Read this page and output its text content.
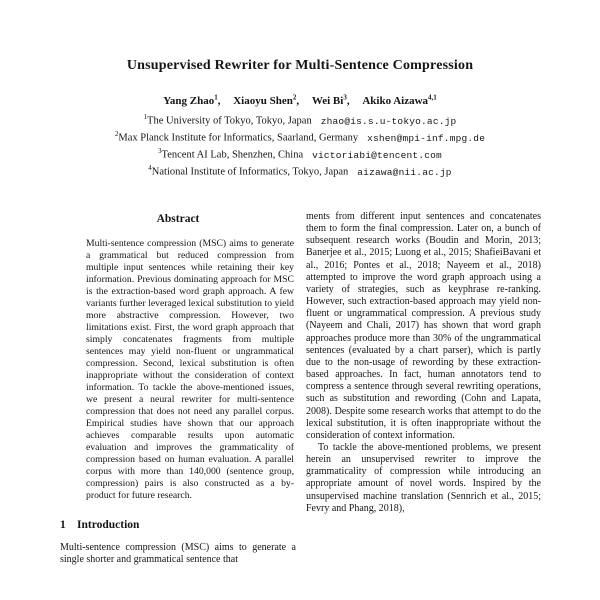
Unsupervised Rewriter for Multi-Sentence Compression
Yang Zhao$^1$, Xiaoyu Shen$^2$, Wei Bi$^3$, Akiko Aizawa$^{4,1}$
$^1$The University of Tokyo, Tokyo, Japan zhao@is.s.u-tokyo.ac.jp
$^2$Max Planck Institute for Informatics, Saarland, Germany xshen@mpi-inf.mpg.de
$^3$Tencent AI Lab, Shenzhen, China victoriabi@tencent.com
$^4$National Institute of Informatics, Tokyo, Japan aizawa@nii.ac.jp
Abstract

Multi-sentence compression (MSC) aims to generate a grammatical but reduced compression from multiple input sentences while retaining their key information. Previous dominating approach for MSC is the extraction-based word graph approach. A few variants further leveraged lexical substitution to yield more abstractive compression. However, two limitations exist. First, the word graph approach that simply concatenates fragments from multiple sentences may yield non-fluent or ungrammatical compression. Second, lexical substitution is often inappropriate without the consideration of context information. To tackle the above-mentioned issues, we present a neural rewriter for multi-sentence compression that does not need any parallel corpus. Empirical studies have shown that our approach achieves comparable results upon automatic evaluation and improves the grammaticality of compression based on human evaluation. A parallel corpus with more than 140,000 (sentence group, compression) pairs is also constructed as a by-product for future research.

1 Introduction

Multi-sentence compression (MSC) aims to generate a single shorter and grammatical sentence that

ments from different input sentences and concatenates them to form the final compression. Later on, a bunch of subsequent research works (Boudin and Morin, 2013; Banerjee et al., 2015; Luong et al., 2015; ShafieiBavani et al., 2016; Pontes et al., 2018; Nayeem et al., 2018) attempted to improve the word graph approach using a variety of strategies, such as keyphrase re-ranking. However, such extraction-based approach may yield non-fluent or ungrammatical compression. A previous study (Nayeem and Chali, 2017) has shown that word graph approaches produce more than 30% of the ungrammatical sentences (evaluated by a chart parser), which is partly due to the non-usage of rewording by these extraction-based approaches. In fact, human annotators tend to compress a sentence through several rewriting operations, such as substitution and rewording (Cohn and Lapata, 2008). Despite some research works that attempt to do the lexical substitution, it is often inappropriate without the consideration of context information.

To tackle the above-mentioned problems, we present herein an unsupervised rewriter to improve the grammaticality of compression while introducing an appropriate amount of novel words. Inspired by the unsupervised machine translation (Sennrich et al., 2015; Fevry and Phang, 2018),
